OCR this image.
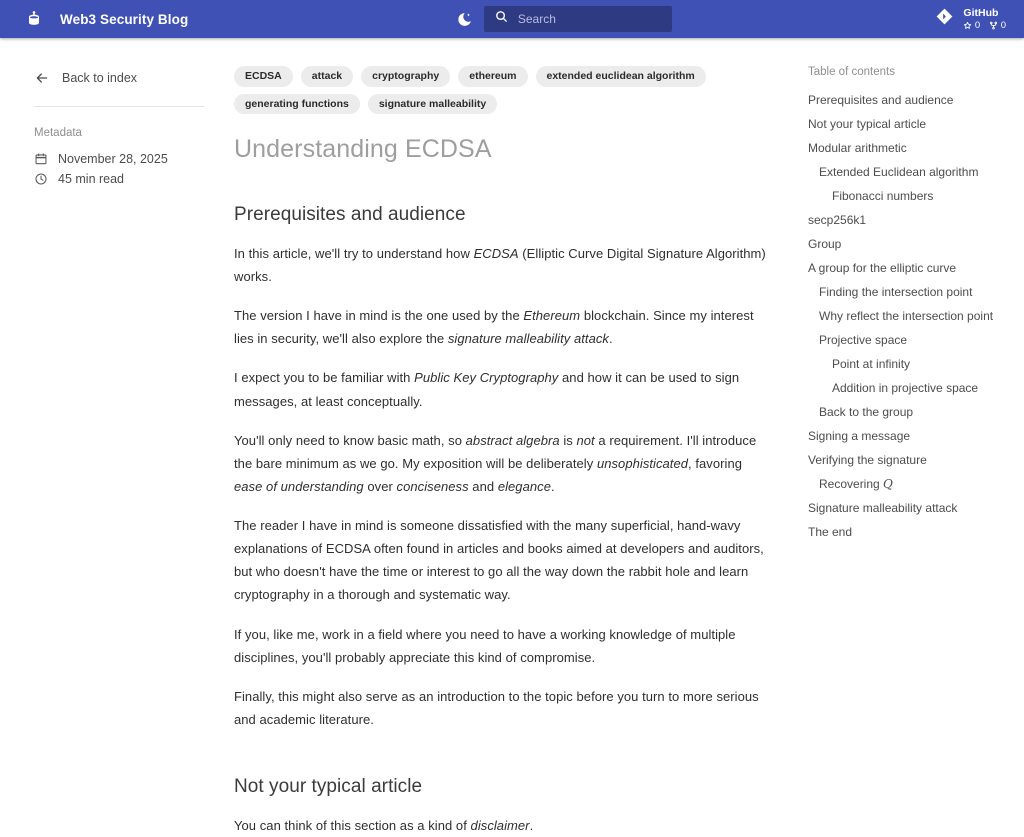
Web3 Security Blog	Search	GitHub
0 0
Back to index
Metadata
November 28, 2025
45 min read
ECDSA	attack	cryptography	ethereum	extended euclidean algorithm
generating functions	signature malleability
Understanding ECDSA
Prerequisites and audience

In this article, we'll try to understand how ECDSA (Elliptic Curve Digital Signature Algorithm) works.

The version I have in mind is the one used by the Ethereum blockchain. Since my interest lies in security, we'll also explore the signature malleability attack.

I expect you to be familiar with Public Key Cryptography and how it can be used to sign messages, at least conceptually.

You'll only need to know basic math, so abstract algebra is not a requirement. I'll introduce the bare minimum as we go. My exposition will be deliberately unsophisticated, favoring ease of understanding over conciseness and elegance.

The reader I have in mind is someone dissatisfied with the many superficial, hand-wavy explanations of ECDSA often found in articles and books aimed at developers and auditors, but who doesn't have the time or interest to go all the way down the rabbit hole and learn cryptography in a thorough and systematic way.

If you, like me, work in a field where you need to have a working knowledge of multiple disciplines, you'll probably appreciate this kind of compromise.

Finally, this might also serve as an introduction to the topic before you turn to more serious and academic literature.

Not your typical article

You can think of this section as a kind of disclaimer.

Table of contents
Prerequisites and audience
Not your typical article
Modular arithmetic
Extended Euclidean algorithm
Fibonacci numbers
secp256k1
Group
A group for the elliptic curve
Finding the intersection point
Why reflect the intersection point
Projective space
Point at infinity
Addition in projective space
Back to the group
Signing a message
Verifying the signature
Recovering Q
Signature malleability attack
The end
